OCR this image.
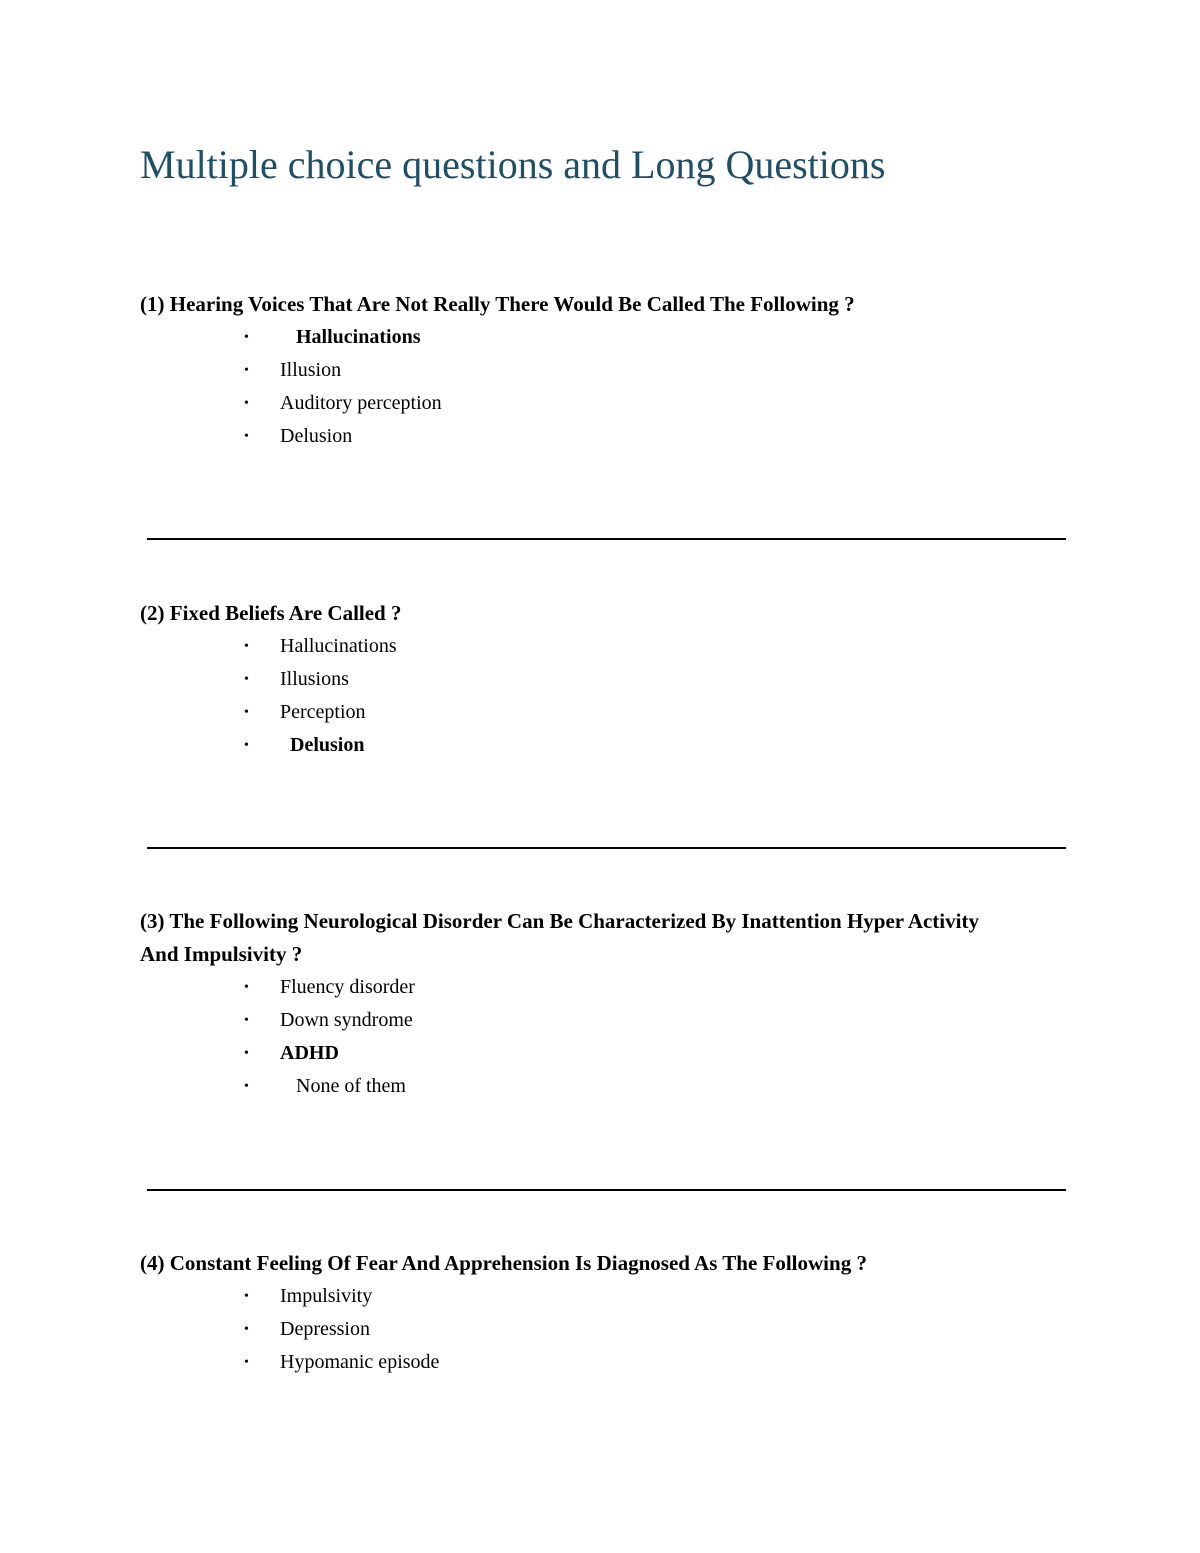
Multiple choice questions and Long Questions

(1) Hearing Voices That Are Not Really There Would Be Called The Following ?

• Hallucinations
• Illusion
• Auditory perception
• Delusion

(2) Fixed Beliefs Are Called ?

• Hallucinations
• Illusions
• Perception
• Delusion

(3) The Following Neurological Disorder Can Be Characterized By Inattention Hyper Activity And Impulsivity ?

• Fluency disorder
• Down syndrome
• ADHD
• None of them

(4) Constant Feeling Of Fear And Apprehension Is Diagnosed As The Following ?

• Impulsivity
• Depression
• Hypomanic episode
